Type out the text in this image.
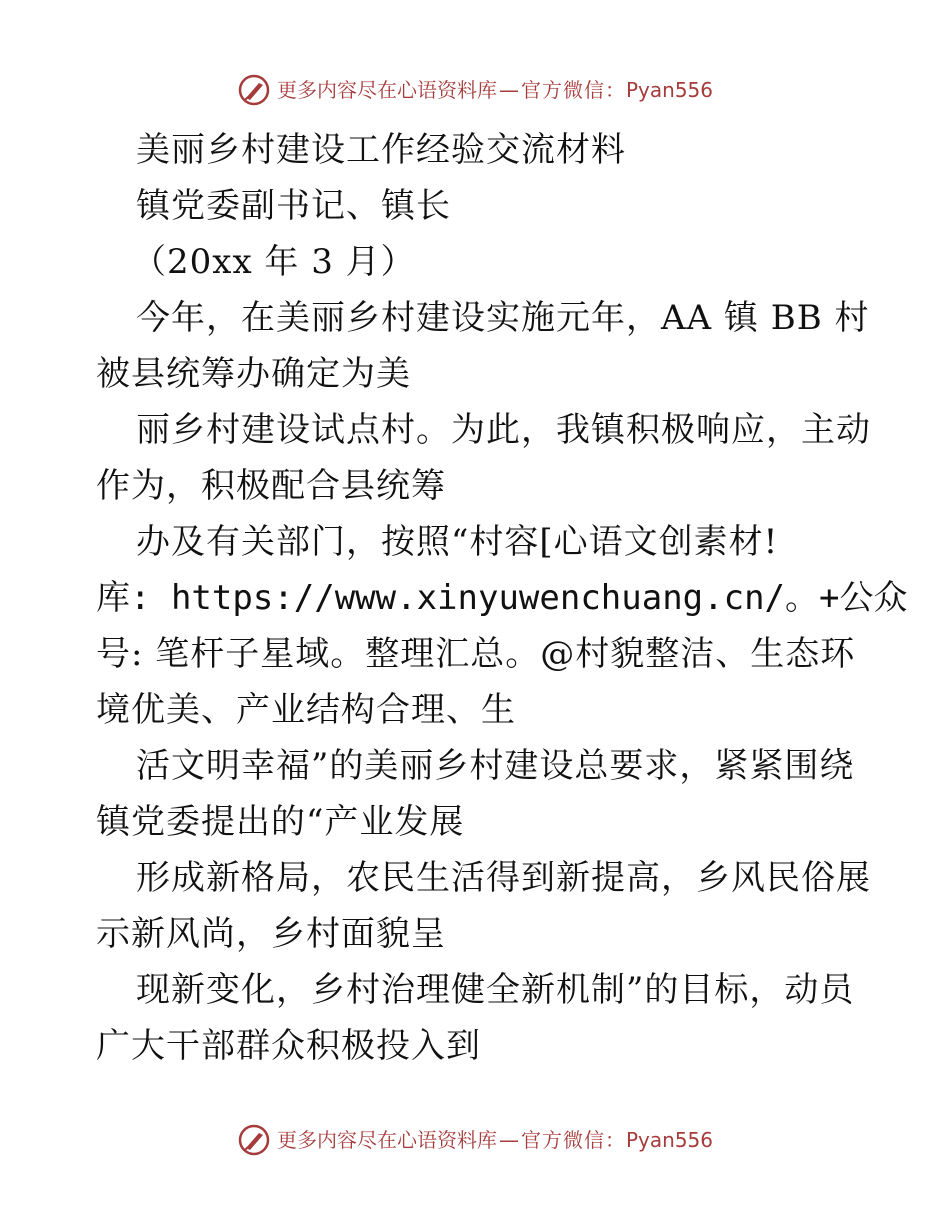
更多内容尽在心语资料库 — 官方微信：Pyan556
美丽乡村建设工作经验交流材料
镇党委副书记、镇长
（20xx 年 3 月）
今年，在美丽乡村建设实施元年，AA 镇 BB 村
被县统筹办确定为美
丽乡村建设试点村。为此，我镇积极响应，主动
作为，积极配合县统筹
办及有关部门，按照“村容[心语文创素材!
库: https://www.xinyuwenchuang.cn/。+公众
号: 笔杆子星域。整理汇总。@村貌整洁、生态环
境优美、产业结构合理、生
活文明幸福”的美丽乡村建设总要求，紧紧围绕
镇党委提出的“产业发展
形成新格局，农民生活得到新提高，乡风民俗展
示新风尚，乡村面貌呈
现新变化，乡村治理健全新机制”的目标，动员
广大干部群众积极投入到
更多内容尽在心语资料库 — 官方微信：Pyan556
